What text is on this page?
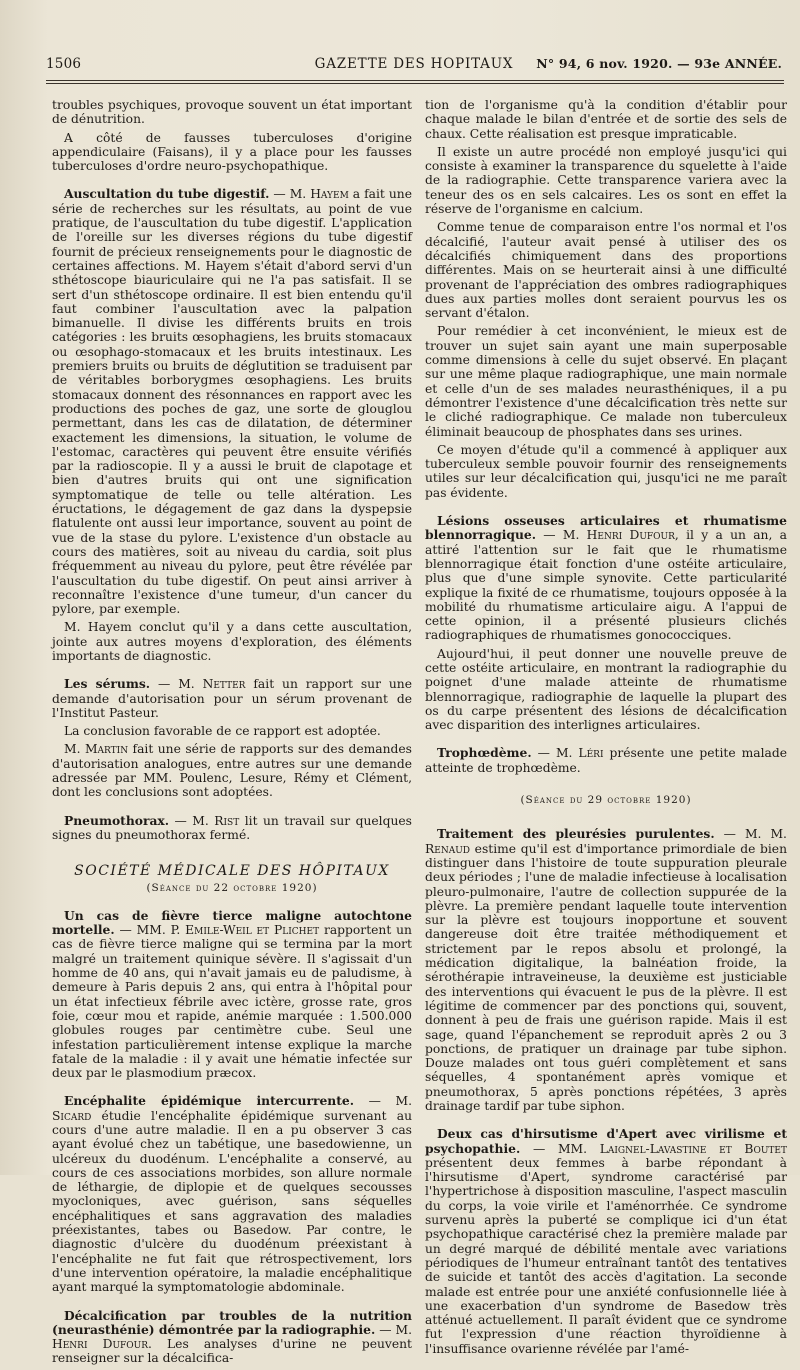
1506	GAZETTE DES HOPITAUX	N° 94, 6 nov. 1920. — 93e ANNÉE.

troubles psychiques, provoque souvent un état important de dénutrition.

A côté de fausses tuberculoses d'origine appendiculaire (Faisans), il y a place pour les fausses tuberculoses d'ordre neuro-psychopathique.

Auscultation du tube digestif. — M. Hayem a fait une série de recherches sur les résultats, au point de vue pratique, de l'auscultation du tube digestif. L'application de l'oreille sur les diverses régions du tube digestif fournit de précieux renseignements pour le diagnostic de certaines affections. M. Hayem s'était d'abord servi d'un sthétoscope biauriculaire qui ne l'a pas satisfait. Il se sert d'un sthétoscope ordinaire. Il est bien entendu qu'il faut combiner l'auscultation avec la palpation bimanuelle. Il divise les différents bruits en trois catégories : les bruits œsophagiens, les bruits stomacaux ou œsophago-stomacaux et les bruits intestinaux. Les premiers bruits ou bruits de déglutition se traduisent par de véritables borborygmes œsophagiens. Les bruits stomacaux donnent des résonnances en rapport avec les productions des poches de gaz, une sorte de glouglou permettant, dans les cas de dilatation, de déterminer exactement les dimensions, la situation, le volume de l'estomac, caractères qui peuvent être ensuite vérifiés par la radioscopie. Il y a aussi le bruit de clapotage et bien d'autres bruits qui ont une signification symptomatique de telle ou telle altération. Les éructations, le dégagement de gaz dans la dyspepsie flatulente ont aussi leur importance, souvent au point de vue de la stase du pylore. L'existence d'un obstacle au cours des matières, soit au niveau du cardia, soit plus fréquemment au niveau du pylore, peut être révélée par l'auscultation du tube digestif. On peut ainsi arriver à reconnaître l'existence d'une tumeur, d'un cancer du pylore, par exemple.

M. Hayem conclut qu'il y a dans cette auscultation, jointe aux autres moyens d'exploration, des éléments importants de diagnostic.

Les sérums. — M. Netter fait un rapport sur une demande d'autorisation pour un sérum provenant de l'Institut Pasteur.

La conclusion favorable de ce rapport est adoptée.

M. Martin fait une série de rapports sur des demandes d'autorisation analogues, entre autres sur une demande adressée par MM. Poulenc, Lesure, Rémy et Clément, dont les conclusions sont adoptées.

Pneumothorax. — M. Rist lit un travail sur quelques signes du pneumothorax fermé.

SOCIÉTÉ MÉDICALE DES HÔPITAUX
(Séance du 22 octobre 1920)

Un cas de fièvre tierce maligne autochtone mortelle. — MM. P. Emile-Weil et Plichet rapportent un cas de fièvre tierce maligne qui se termina par la mort malgré un traitement quinique sévère. Il s'agissait d'un homme de 40 ans, qui n'avait jamais eu de paludisme, à demeure à Paris depuis 2 ans, qui entra à l'hôpital pour un état infectieux fébrile avec ictère, grosse rate, gros foie, cœur mou et rapide, anémie marquée : 1.500.000 globules rouges par centimètre cube. Seul une infestation particulièrement intense explique la marche fatale de la maladie : il y avait une hématie infectée sur deux par le plasmodium præcox.

Encéphalite épidémique intercurrente. — M. Sicard étudie l'encéphalite épidémique survenant au cours d'une autre maladie. Il en a pu observer 3 cas ayant évolué chez un tabétique, une basedowienne, un ulcéreux du duodénum. L'encéphalite a conservé, au cours de ces associations morbides, son allure normale de léthargie, de diplopie et de quelques secousses myocloniques, avec guérison, sans séquelles encéphalitiques et sans aggravation des maladies préexistantes, tabes ou Basedow. Par contre, le diagnostic d'ulcère du duodénum préexistant à l'encéphalite ne fut fait que rétrospectivement, lors d'une intervention opératoire, la maladie encéphalitique ayant marqué la symptomatologie abdominale.

Décalcification par troubles de la nutrition (neurasthénie) démontrée par la radiographie. — M. Henri Dufour. Les analyses d'urine ne peuvent renseigner sur la décalcifica-

tion de l'organisme qu'à la condition d'établir pour chaque malade le bilan d'entrée et de sortie des sels de chaux. Cette réalisation est presque impraticable.

Il existe un autre procédé non employé jusqu'ici qui consiste à examiner la transparence du squelette à l'aide de la radiographie. Cette transparence variera avec la teneur des os en sels calcaires. Les os sont en effet la réserve de l'organisme en calcium.

Comme tenue de comparaison entre l'os normal et l'os décalcifié, l'auteur avait pensé à utiliser des os décalcifiés chimiquement dans des proportions différentes. Mais on se heurterait ainsi à une difficulté provenant de l'appréciation des ombres radiographiques dues aux parties molles dont seraient pourvus les os servant d'étalon.

Pour remédier à cet inconvénient, le mieux est de trouver un sujet sain ayant une main superposable comme dimensions à celle du sujet observé. En plaçant sur une même plaque radiographique, une main normale et celle d'un de ses malades neurasthéniques, il a pu démontrer l'existence d'une décalcification très nette sur le cliché radiographique. Ce malade non tuberculeux éliminait beaucoup de phosphates dans ses urines.

Ce moyen d'étude qu'il a commencé à appliquer aux tuberculeux semble pouvoir fournir des renseignements utiles sur leur décalcification qui, jusqu'ici ne me paraît pas évidente.

Lésions osseuses articulaires et rhumatisme blennorragique. — M. Henri Dufour, il y a un an, a attiré l'attention sur le fait que le rhumatisme blennorragique était fonction d'une ostéite articulaire, plus que d'une simple synovite. Cette particularité explique la fixité de ce rhumatisme, toujours opposée à la mobilité du rhumatisme articulaire aigu. A l'appui de cette opinion, il a présenté plusieurs clichés radiographiques de rhumatismes gonococciques.

Aujourd'hui, il peut donner une nouvelle preuve de cette ostéite articulaire, en montrant la radiographie du poignet d'une malade atteinte de rhumatisme blennorragique, radiographie de laquelle la plupart des os du carpe présentent des lésions de décalcification avec disparition des interlignes articulaires.

Trophœdème. — M. Léri présente une petite malade atteinte de trophœdème.

(Séance du 29 octobre 1920)

Traitement des pleurésies purulentes. — M. M. Renaud estime qu'il est d'importance primordiale de bien distinguer dans l'histoire de toute suppuration pleurale deux périodes ; l'une de maladie infectieuse à localisation pleuro-pulmonaire, l'autre de collection suppurée de la plèvre. La première pendant laquelle toute intervention sur la plèvre est toujours inopportune et souvent dangereuse doit être traitée méthodiquement et strictement par le repos absolu et prolongé, la médication digitalique, la balnéation froide, la sérothérapie intraveineuse, la deuxième est justiciable des interventions qui évacuent le pus de la plèvre. Il est légitime de commencer par des ponctions qui, souvent, donnent à peu de frais une guérison rapide. Mais il est sage, quand l'épanchement se reproduit après 2 ou 3 ponctions, de pratiquer un drainage par tube siphon. Douze malades ont tous guéri complètement et sans séquelles, 4 spontanément après vomique et pneumothorax, 5 après ponctions répétées, 3 après drainage tardif par tube siphon.

Deux cas d'hirsutisme d'Apert avec virilisme et psychopathie. — MM. Laignel-Lavastine et Boutet présentent deux femmes à barbe répondant à l'hirsutisme d'Apert, syndrome caractérisé par l'hypertrichose à disposition masculine, l'aspect masculin du corps, la voie virile et l'aménorrhée. Ce syndrome survenu après la puberté se complique ici d'un état psychopathique caractérisé chez la première malade par un degré marqué de débilité mentale avec variations périodiques de l'humeur entraînant tantôt des tentatives de suicide et tantôt des accès d'agitation. La seconde malade est entrée pour une anxiété confusionnelle liée à une exacerbation d'un syndrome de Basedow très atténué actuellement. Il paraît évident que ce syndrome fut l'expression d'une réaction thyroïdienne à l'insuffisance ovarienne révélée par l'amé-
